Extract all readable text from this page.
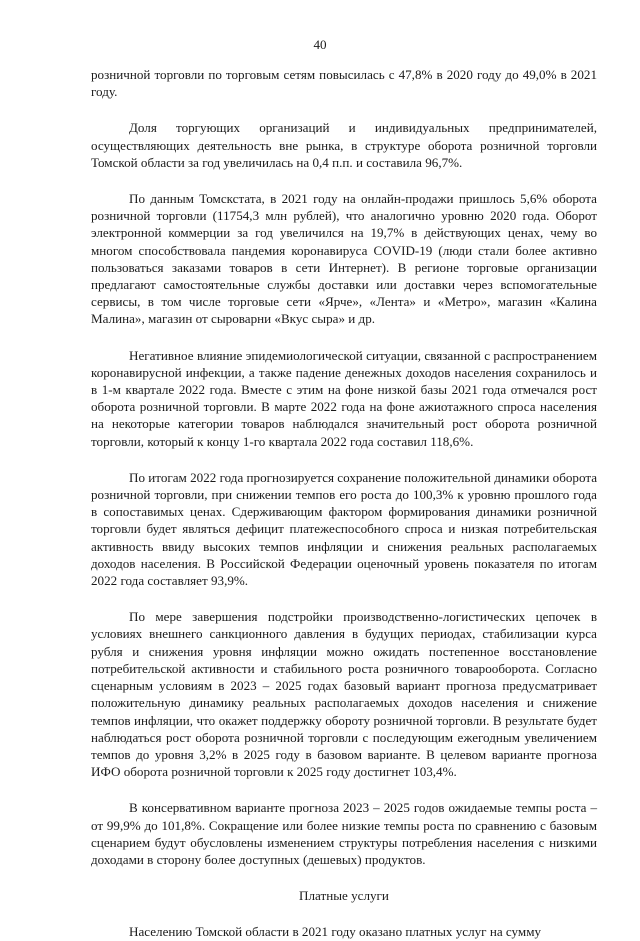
40

розничной торговли по торговым сетям повысилась с 47,8% в 2020 году до 49,0% в 2021 году.

Доля торгующих организаций и индивидуальных предпринимателей, осуществляющих деятельность вне рынка, в структуре оборота розничной торговли Томской области за год увеличилась на 0,4 п.п. и составила 96,7%.

По данным Томскстата, в 2021 году на онлайн-продажи пришлось 5,6% оборота розничной торговли (11754,3 млн рублей), что аналогично уровню 2020 года. Оборот электронной коммерции за год увеличился на 19,7% в действующих ценах, чему во многом способствовала пандемия коронавируса COVID-19 (люди стали более активно пользоваться заказами товаров в сети Интернет). В регионе торговые организации предлагают самостоятельные службы доставки или доставки через вспомогательные сервисы, в том числе торговые сети «Ярче», «Лента» и «Метро», магазин «Калина Малина», магазин от сыроварни «Вкус сыра» и др.

Негативное влияние эпидемиологической ситуации, связанной с распространением коронавирусной инфекции, а также падение денежных доходов населения сохранилось и в 1-м квартале 2022 года. Вместе с этим на фоне низкой базы 2021 года отмечался рост оборота розничной торговли. В марте 2022 года на фоне ажиотажного спроса населения на некоторые категории товаров наблюдался значительный рост оборота розничной торговли, который к концу 1-го квартала 2022 года составил 118,6%.

По итогам 2022 года прогнозируется сохранение положительной динамики оборота розничной торговли, при снижении темпов его роста до 100,3% к уровню прошлого года в сопоставимых ценах. Сдерживающим фактором формирования динамики розничной торговли будет являться дефицит платежеспособного спроса и низкая потребительская активность ввиду высоких темпов инфляции и снижения реальных располагаемых доходов населения. В Российской Федерации оценочный уровень показателя по итогам 2022 года составляет 93,9%.

По мере завершения подстройки производственно-логистических цепочек в условиях внешнего санкционного давления в будущих периодах, стабилизации курса рубля и снижения уровня инфляции можно ожидать постепенное восстановление потребительской активности и стабильного роста розничного товарооборота. Согласно сценарным условиям в 2023 – 2025 годах базовый вариант прогноза предусматривает положительную динамику реальных располагаемых доходов населения и снижение темпов инфляции, что окажет поддержку обороту розничной торговли. В результате будет наблюдаться рост оборота розничной торговли с последующим ежегодным увеличением темпов до уровня 3,2% в 2025 году в базовом варианте. В целевом варианте прогноза ИФО оборота розничной торговли к 2025 году достигнет 103,4%.

В консервативном варианте прогноза 2023 – 2025 годов ожидаемые темпы роста – от 99,9% до 101,8%. Сокращение или более низкие темпы роста по сравнению с базовым сценарием будут обусловлены изменением структуры потребления населения с низкими доходами в сторону более доступных (дешевых) продуктов.

Платные услуги

Населению Томской области в 2021 году оказано платных услуг на сумму
